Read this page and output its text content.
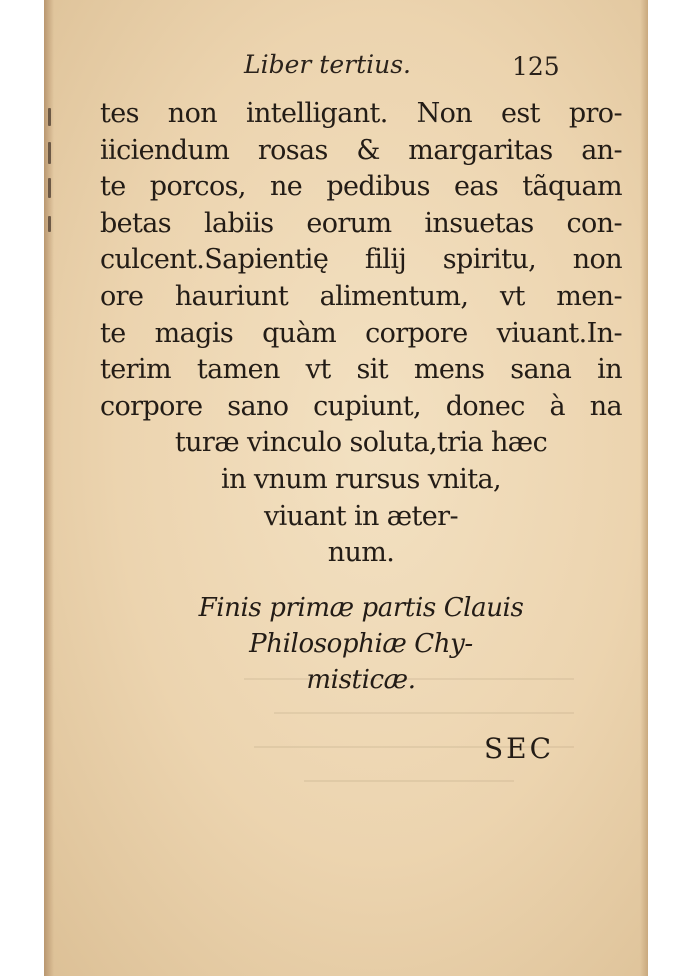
Liber tertius.	125
tes non intelligant. Non est pro-
iiciendum rosas & margaritas an-
te porcos, ne pedibus eas tãquam
betas labiis eorum insuetas con-
culcent.Sapientię filij spiritu, non
ore hauriunt alimentum, vt men-
te magis quàm corpore viuant.In-
terim tamen vt sit mens sana in
corpore sano cupiunt, donec à na
turæ vinculo soluta,tria hæc
in vnum rursus vnita,
viuant in æter-
num.
Finis primæ partis Clauis
Philosophiæ Chy-
misticæ.
SEC
